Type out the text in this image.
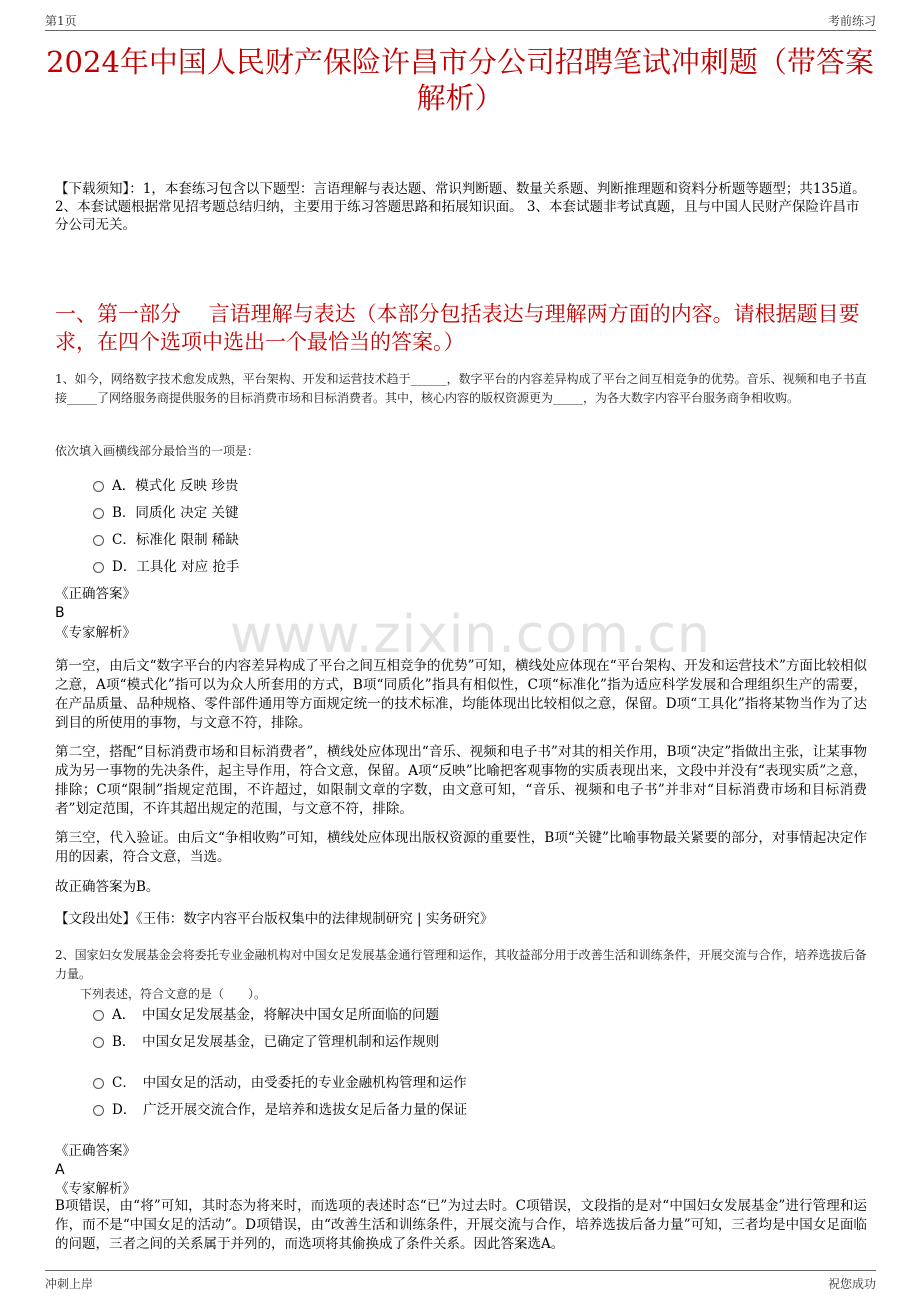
第1页	考前练习
2024年中国人民财产保险许昌市分公司招聘笔试冲刺题（带答案解析）
【下载须知】：1，本套练习包含以下题型：言语理解与表达题、常识判断题、数量关系题、判断推理题和资料分析题等题型；共135道。 2、本套试题根据常见招考题总结归纳，主要用于练习答题思路和拓展知识面。 3、本套试题非考试真题，且与中国人民财产保险许昌市分公司无关。
一、第一部分　 言语理解与表达（本部分包括表达与理解两方面的内容。请根据题目要求，在四个选项中选出一个最恰当的答案。）
1、如今，网络数字技术愈发成熟，平台架构、开发和运营技术趋于______，数字平台的内容差异构成了平台之间互相竞争的优势。音乐、视频和电子书直接_____了网络服务商提供服务的目标消费市场和目标消费者。其中，核心内容的版权资源更为_____，为各大数字内容平台服务商争相收购。
依次填入画横线部分最恰当的一项是：
A．模式化 反映 珍贵
B．同质化 决定 关键
C．标准化 限制 稀缺
D．工具化 对应 抢手
《正确答案》
B
《专家解析》 www.zixin.com.cn
第一空，由后文“数字平台的内容差异构成了平台之间互相竞争的优势”可知，横线处应体现在“平台架构、开发和运营技术”方面比较相似之意，A项“模式化”指可以为众人所套用的方式，B项“同质化”指具有相似性，C项“标准化”指为适应科学发展和合理组织生产的需要，在产品质量、品种规格、零件部件通用等方面规定统一的技术标准，均能体现出比较相似之意，保留。D项“工具化”指将某物当作为了达到目的所使用的事物，与文意不符，排除。
第二空，搭配“目标消费市场和目标消费者”，横线处应体现出“音乐、视频和电子书”对其的相关作用，B项“决定”指做出主张，让某事物成为另一事物的先决条件，起主导作用，符合文意，保留。A项“反映”比喻把客观事物的实质表现出来，文段中并没有“表现实质”之意，排除；C项“限制”指规定范围，不许超过，如限制文章的字数，由文意可知，“音乐、视频和电子书”并非对“目标消费市场和目标消费者”划定范围，不许其超出规定的范围，与文意不符，排除。
第三空，代入验证。由后文“争相收购”可知，横线处应体现出版权资源的重要性，B项“关键”比喻事物最关紧要的部分，对事情起决定作用的因素，符合文意，当选。
故正确答案为B。
【文段出处】《王伟：数字内容平台版权集中的法律规制研究 | 实务研究》
2、国家妇女发展基金会将委托专业金融机构对中国女足发展基金通行管理和运作，其收益部分用于改善生活和训练条件，开展交流与合作，培养选拔后备力量。
下列表述，符合文意的是（　　）。
A．　中国女足发展基金，将解决中国女足所面临的问题
B．　中国女足发展基金，已确定了管理机制和运作规则
C．　中国女足的活动，由受委托的专业金融机构管理和运作
D．　广泛开展交流合作，是培养和选拔女足后备力量的保证
《正确答案》
A
《专家解析》
B项错误，由“将”可知，其时态为将来时，而选项的表述时态“已”为过去时。C项错误，文段指的是对“中国妇女发展基金”进行管理和运作，而不是“中国女足的活动”。D项错误，由“改善生活和训练条件，开展交流与合作，培养选拔后备力量”可知，三者均是中国女足面临的问题，三者之间的关系属于并列的，而选项将其偷换成了条件关系。因此答案选A。
冲刺上岸	祝您成功
